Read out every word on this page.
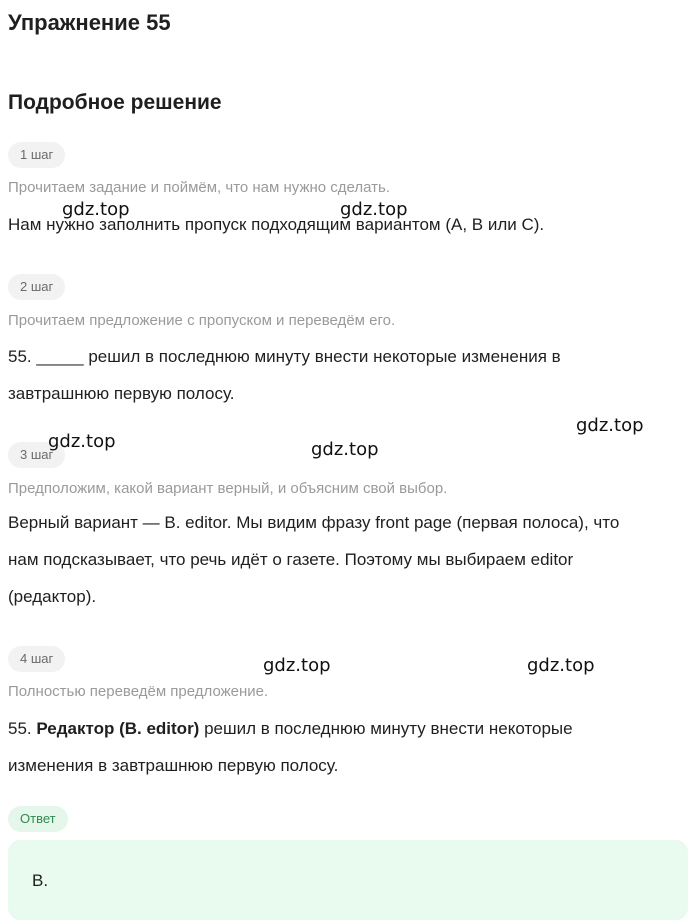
Упражнение 55
Подробное решение
1 шаг
Прочитаем задание и поймём, что нам нужно сделать.
Нам нужно заполнить пропуск подходящим вариантом (А, B или C).
2 шаг
Прочитаем предложение с пропуском и переведём его.
55. _____ решил в последнюю минуту внести некоторые изменения в завтрашнюю первую полосу.
3 шаг
Предположим, какой вариант верный, и объясним свой выбор.
Верный вариант — B. editor. Мы видим фразу front page (первая полоса), что нам подсказывает, что речь идёт о газете. Поэтому мы выбираем editor (редактор).
4 шаг
Полностью переведём предложение.
55. Редактор (B. editor) решил в последнюю минуту внести некоторые изменения в завтрашнюю первую полосу.
Ответ
B.
gdz.top	gdz.top
gdz.top	gdz.top
gdz.top
gdz.top	gdz.top
